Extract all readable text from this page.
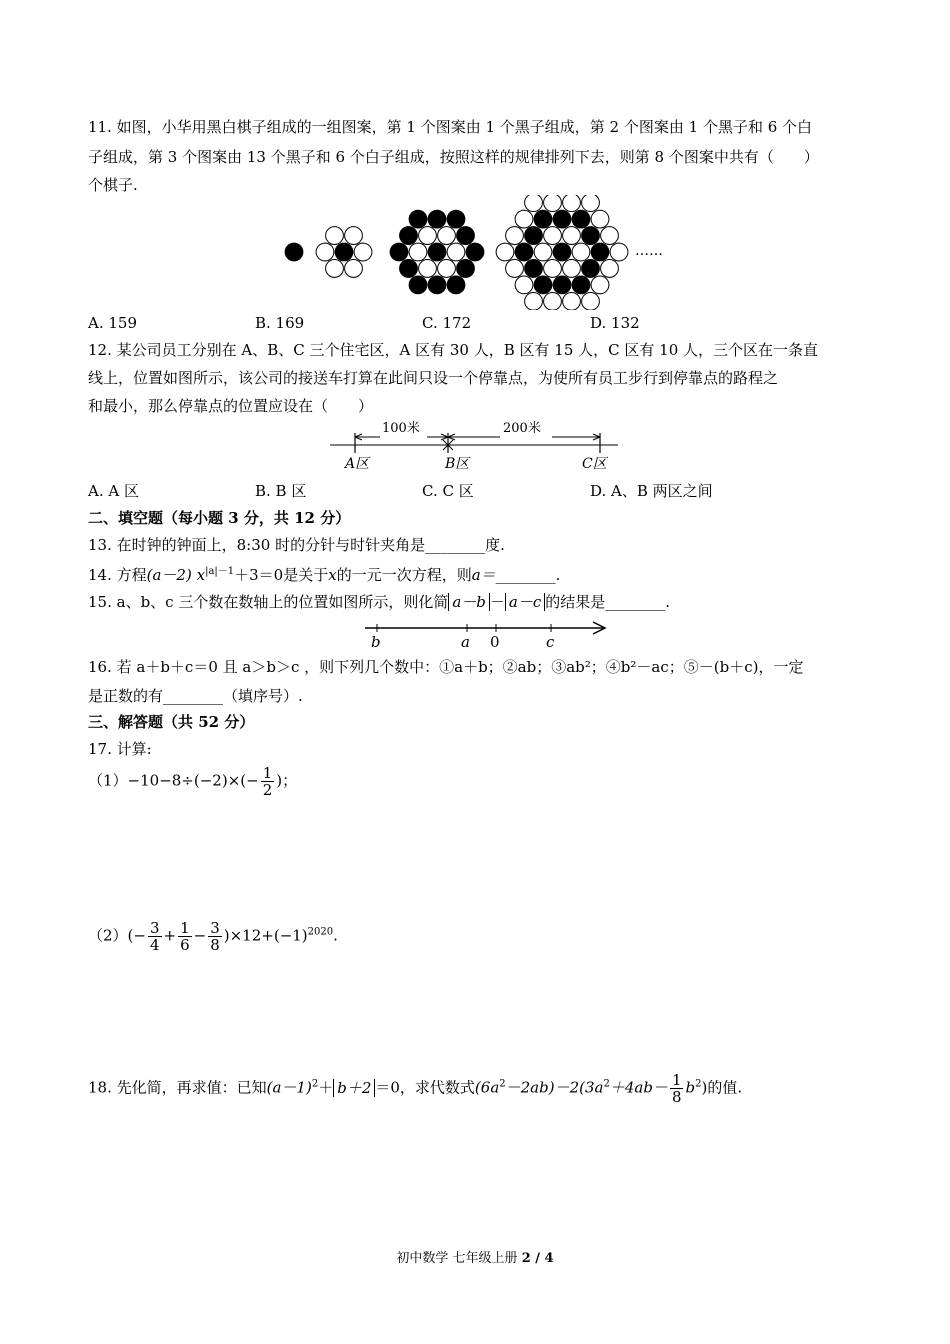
11. 如图，小华用黑白棋子组成的一组图案，第 1 个图案由 1 个黑子组成，第 2 个图案由 1 个黑子和 6 个白
子组成，第 3 个图案由 13 个黑子和 6 个白子组成，按照这样的规律排列下去，则第 8 个图案中共有（　　）
个棋子.
……
A. 159	B. 169	C. 172	D. 132
12. 某公司员工分别在 A、B、C 三个住宅区，A 区有 30 人，B 区有 15 人，C 区有 10 人，三个区在一条直
线上，位置如图所示，该公司的接送车打算在此间只设一个停靠点，为使所有员工步行到停靠点的路程之
和最小，那么停靠点的位置应设在（　　）
100米	200米
A区	B区	C区
A. A 区	B. B 区	C. C 区	D. A、B 两区之间
二、填空题（每小题 3 分，共 12 分）
13. 在时钟的钟面上，8:30 时的分针与时针夹角是________度.
14. 方程(a－2) $x^{|a|-1}+3=0$是关于x的一元一次方程，则a＝________.
15. a、b、c 三个数在数轴上的位置如图所示，则化简 a－b － a－c 的结果是________.
b	a 0	c
16. 若 a＋b＋c＝0 且 a＞b＞c ，则下列几个数中：①a＋b；②ab；③ab²；④b²－ac；⑤－(b＋c)，一定
是正数的有________（填序号）.
三、解答题（共 52 分）
17. 计算:
$(1)-10-8\div(-2)\times(- \frac{1}{2}$ )；
$(2)(- \frac{3}{4} + \frac{1}{6} - \frac{3}{8} )\times 12+(-1)^{2020}$.
18. 先化简，再求值：已知$(a-1)^2+ b+2 =0$，求代数式$(6a^2-2ab)-2(3a^2+4ab- \frac{1}{8} b^2)$的值.
初中数学 七年级上册 2 / 4
